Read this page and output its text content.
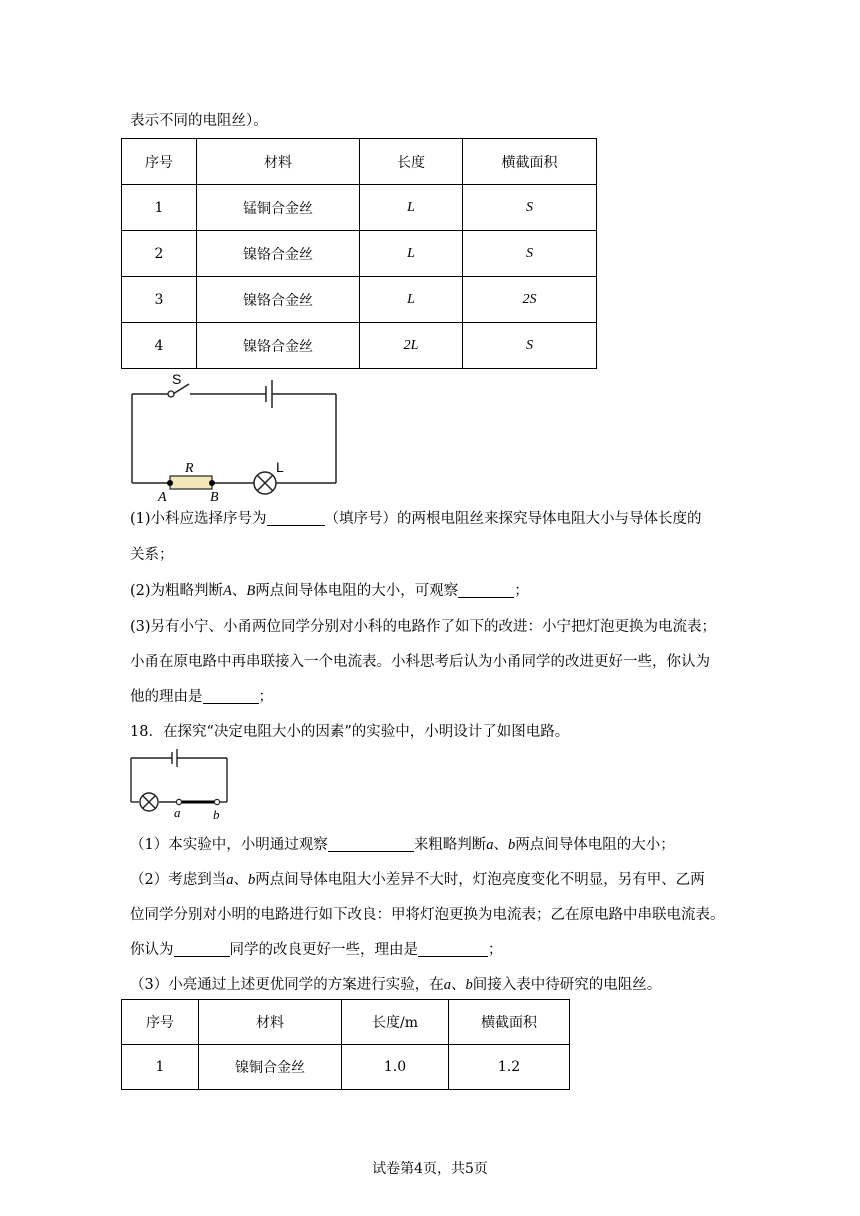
表示不同的电阻丝）。
序号	材料	长度	横截面积
1	锰铜合金丝	L	S
2	镍铬合金丝	L	S
3	镍铬合金丝	L	2S
4	镍铬合金丝	2L	S
S
R
A	B
L
(1)小科应选择序号为	（填序号）的两根电阻丝来探究导体电阻大小与导体长度的
关系；
(2)为粗略判断A、B两点间导体电阻的大小，可观察	；
(3)另有小宁、小甬两位同学分别对小科的电路作了如下的改进：小宁把灯泡更换为电流表；
小甬在原电路中再串联接入一个电流表。小科思考后认为小甬同学的改进更好一些，你认为
他的理由是	；
18．在探究“决定电阻大小的因素”的实验中，小明设计了如图电路。
a	b
（1）本实验中，小明通过观察	来粗略判断a、b两点间导体电阻的大小；
（2）考虑到当a、b两点间导体电阻大小差异不大时，灯泡亮度变化不明显，另有甲、乙两
位同学分别对小明的电路进行如下改良：甲将灯泡更换为电流表；乙在原电路中串联电流表。
你认为	同学的改良更好一些，理由是	；
（3）小亮通过上述更优同学的方案进行实验，在a、b间接入表中待研究的电阻丝。
序号	材料	长度/m	横截面积
1	镍铜合金丝	1.0	1.2
试卷第4页，共5页
